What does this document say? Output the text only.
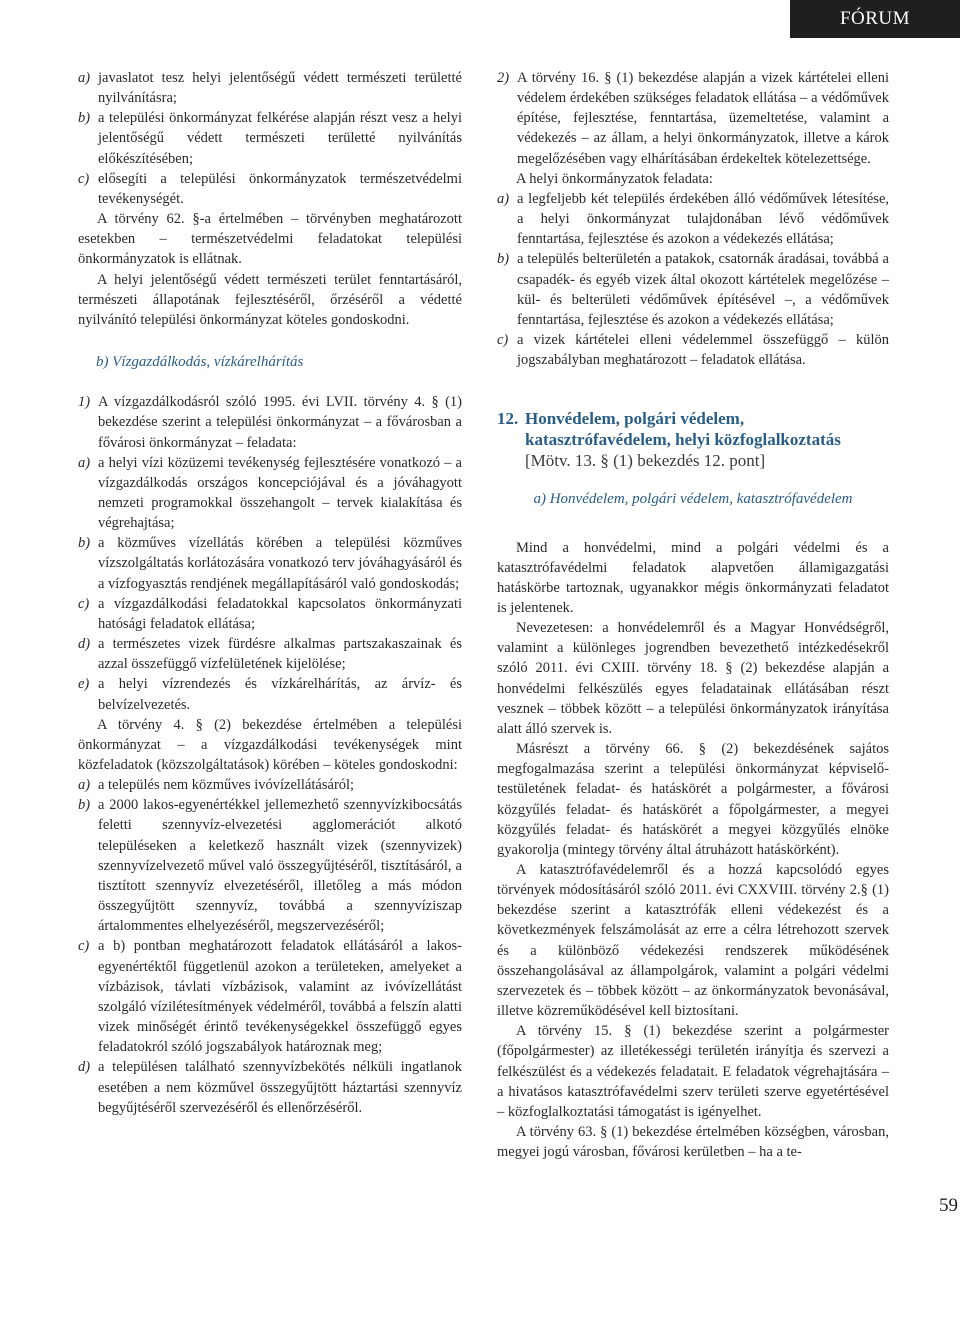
FÓRUM
a) javaslatot tesz helyi jelentőségű védett természeti területté nyilvánításra;
b) a települési önkormányzat felkérése alapján részt vesz a helyi jelentőségű védett természeti területté nyilvánítás előkészítésében;
c) elősegíti a települési önkormányzatok természetvédelmi tevékenységét.

A törvény 62. §-a értelmében – törvényben meghatározott esetekben – természetvédelmi feladatokat települési önkormányzatok is ellátnak.

A helyi jelentőségű védett természeti terület fenntartásáról, természeti állapotának fejlesztéséről, őrzéséről a védetté nyilvánító települési önkormányzat köteles gondoskodni.

b) Vízgazdálkodás, vízkárelhárítás
1) A vízgazdálkodásról szóló 1995. évi LVII. törvény 4. § (1) bekezdése szerint a települési önkormányzat – a fővárosban a fővárosi önkormányzat – feladata:
a) a helyi vízi közüzemi tevékenység fejlesztésére vonatkozó – a vízgazdálkodás országos koncepciójával és a jóváhagyott nemzeti programokkal összehangolt – tervek kialakítása és végrehajtása;
b) a közműves vízellátás körében a települési közműves vízszolgáltatás korlátozására vonatkozó terv jóváhagyásáról és a vízfogyasztás rendjének megállapításáról való gondoskodás;
c) a vízgazdálkodási feladatokkal kapcsolatos önkormányzati hatósági feladatok ellátása;
d) a természetes vizek fürdésre alkalmas partszakaszainak és azzal összefüggő vízfelületének kijelölése;
e) a helyi vízrendezés és vízkárelhárítás, az árvíz- és belvízelvezetés.

A törvény 4. § (2) bekezdése értelmében a települési önkormányzat – a vízgazdálkodási tevékenységek mint közfeladatok (közszolgáltatások) körében – köteles gondoskodni:

a) a település nem közműves ivóvízellátásáról;
b) a 2000 lakos-egyenértékkel jellemezhető szennyvízkibocsátás feletti szennyvíz-elvezetési agglomerációt alkotó településeken a keletkező használt vizek (szennyvizek) szennyvízelvezető művel való összegyűjtéséről, tisztításáról, a tisztított szennyvíz elvezetéséről, illetőleg a más módon összegyűjtött szennyvíz, továbbá a szennyvíziszap ártalommentes elhelyezéséről, megszervezéséről;
c) a b) pontban meghatározott feladatok ellátásáról a lakos-egyenértéktől függetlenül azokon a területeken, amelyeket a vízbázisok, távlati vízbázisok, valamint az ivóvízellátást szolgáló vízilétesítmények védelméről, továbbá a felszín alatti vizek minőségét érintő tevékenységekkel összefüggő egyes feladatokról szóló jogszabályok határoznak meg;
d) a településen található szennyvízbekötés nélküli ingatlanok esetében a nem közművel összegyűjtött háztartási szennyvíz begyűjtéséről szervezéséről és ellenőrzéséről.
2) A törvény 16. § (1) bekezdése alapján a vizek kártételei elleni védelem érdekében szükséges feladatok ellátása – a védőművek építése, fejlesztése, fenntartása, üzemeltetése, valamint a védekezés – az állam, a helyi önkormányzatok, illetve a károk megelőzésében vagy elhárításában érdekeltek kötelezettsége.

A helyi önkormányzatok feladata:

a) a legfeljebb két település érdekében álló védőművek létesítése, a helyi önkormányzat tulajdonában lévő védőművek fenntartása, fejlesztése és azokon a védekezés ellátása;
b) a település belterületén a patakok, csatornák áradásai, továbbá a csapadék- és egyéb vizek által okozott kártételek megelőzése – kül- és belterületi védőművek építésével –, a védőművek fenntartása, fejlesztése és azokon a védekezés ellátása;
c) a vizek kártételei elleni védelemmel összefüggő – külön jogszabályban meghatározott – feladatok ellátása.
12. Honvédelem, polgári védelem,
katasztrófavédelem, helyi közfoglalkoztatás
[Mötv. 13. § (1) bekezdés 12. pont]
a) Honvédelem, polgári védelem, katasztrófavédelem

Mind a honvédelmi, mind a polgári védelmi és a katasztrófavédelmi feladatok alapvetően államigazgatási hatáskörbe tartoznak, ugyanakkor mégis önkormányzati feladatot is jelentenek.

Nevezetesen: a honvédelemről és a Magyar Honvédségről, valamint a különleges jogrendben bevezethető intézkedésekről szóló 2011. évi CXIII. törvény 18. § (2) bekezdése alapján a honvédelmi felkészülés egyes feladatainak ellátásában részt vesznek – többek között – a települési önkormányzatok irányítása alatt álló szervek is.

Másrészt a törvény 66. § (2) bekezdésének sajátos megfogalmazása szerint a települési önkormányzat képviselő-testületének feladat- és hatáskörét a polgármester, a fővárosi közgyűlés feladat- és hatáskörét a főpolgármester, a megyei közgyűlés feladat- és hatáskörét a megyei közgyűlés elnöke gyakorolja (mintegy törvény által átruházott hatáskörként).

A katasztrófavédelemről és a hozzá kapcsolódó egyes törvények módosításáról szóló 2011. évi CXXVIII. törvény 2.§ (1) bekezdése szerint a katasztrófák elleni védekezést és a következmények felszámolását az erre a célra létrehozott szervek és a különböző védekezési rendszerek működésének összehangolásával az állampolgárok, valamint a polgári védelmi szervezetek és – többek között – az önkormányzatok bevonásával, illetve közreműködésével kell biztosítani.

A törvény 15. § (1) bekezdése szerint a polgármester (főpolgármester) az illetékességi területén irányítja és szervezi a felkészülést és a védekezés feladatait. E feladatok végrehajtására – a hivatásos katasztrófavédelmi szerv területi szerve egyetértésével – közfoglalkoztatási támogatást is igényelhet.

A törvény 63. § (1) bekezdése értelmében községben, városban, megyei jogú városban, fővárosi kerületben – ha a te-

59
